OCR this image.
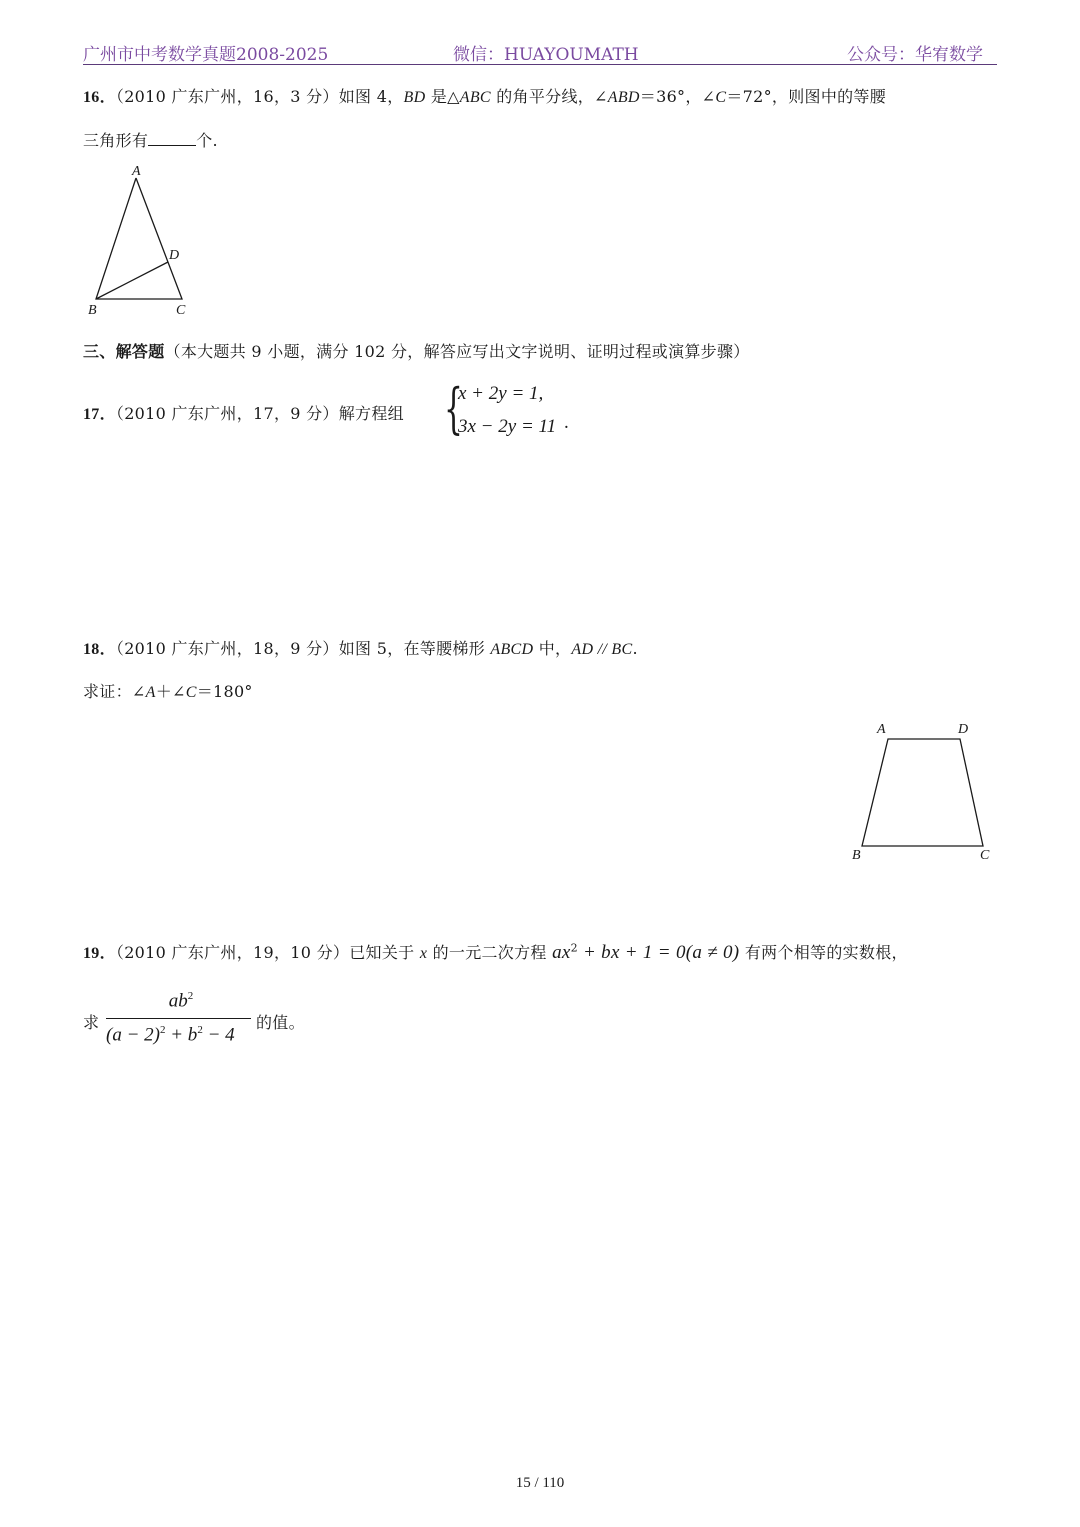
广州市中考数学真题2008-2025	微信：HUAYOUMATH	公众号：华宥数学
16．（2010 广东广州，16，3 分）如图 4，BD 是△ABC 的角平分线，∠ABD＝36°，∠C＝72°，则图中的等腰
三角形有	个.
A
D
B	C
三、解答题（本大题共 9 小题，满分 102 分，解答应写出文字说明、证明过程或演算步骤）
17．（2010 广东广州，17，9 分）解方程组 {
x + 2y = 1,
3x − 2y = 11 .
18．（2010 广东广州，18，9 分）如图 5，在等腰梯形 ABCD 中，AD // BC.
求证：∠A＋∠C＝180°
A	D
B	C
19．（2010 广东广州，19，10 分）已知关于 x 的一元二次方程 $ax^2$ + bx + 1 = 0(a ≠ 0) 有两个相等的实数根，
求
$ab^2$
$(a - 2)^2 + b^2 - 4$
的值。
15 / 110
